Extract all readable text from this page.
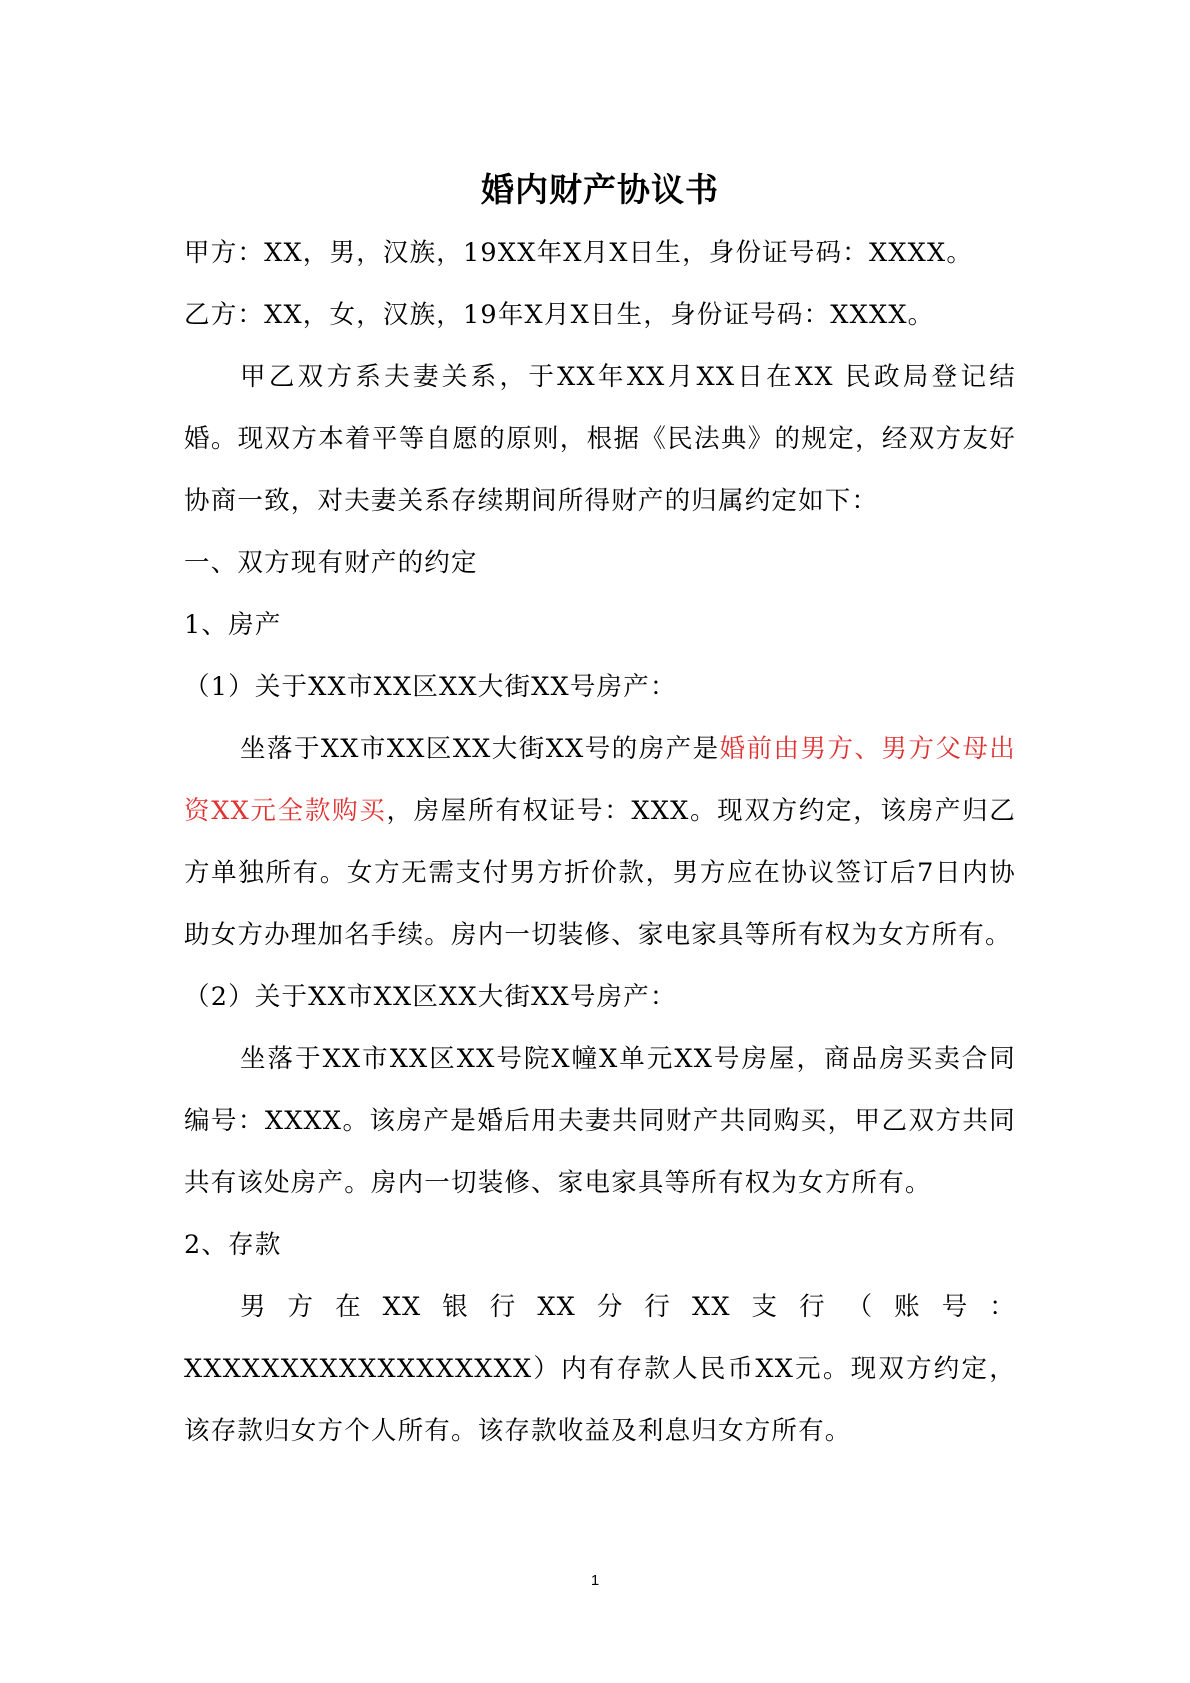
婚内财产协议书

甲方：XX，男，汉族，19XX年X月X日生，身份证号码：XXXX。

乙方：XX，女，汉族，19年X月X日生，身份证号码：XXXX。

甲乙双方系夫妻关系，于XX年XX月XX日在XX 民政局登记结婚。现双方本着平等自愿的原则，根据《民法典》的规定，经双方友好协商一致，对夫妻关系存续期间所得财产的归属约定如下：

一、双方现有财产的约定

1、房产

（1）关于XX市XX区XX大街XX号房产：

坐落于XX市XX区XX大街XX号的房产是婚前由男方、男方父母出资XX元全款购买，房屋所有权证号：XXX。现双方约定，该房产归乙方单独所有。女方无需支付男方折价款，男方应在协议签订后7日内协助女方办理加名手续。房内一切装修、家电家具等所有权为女方所有。

（2）关于XX市XX区XX大街XX号房产：

坐落于XX市XX区XX号院X幢X单元XX号房屋，商品房买卖合同编号：XXXX。该房产是婚后用夫妻共同财产共同购买，甲乙双方共同共有该处房产。房内一切装修、家电家具等所有权为女方所有。

2、存款

男方在XX银行XX分行XX支行（账号：XXXXXXXXXXXXXXXXXX）内有存款人民币XX元。现双方约定，该存款归女方个人所有。该存款收益及利息归女方所有。

1
